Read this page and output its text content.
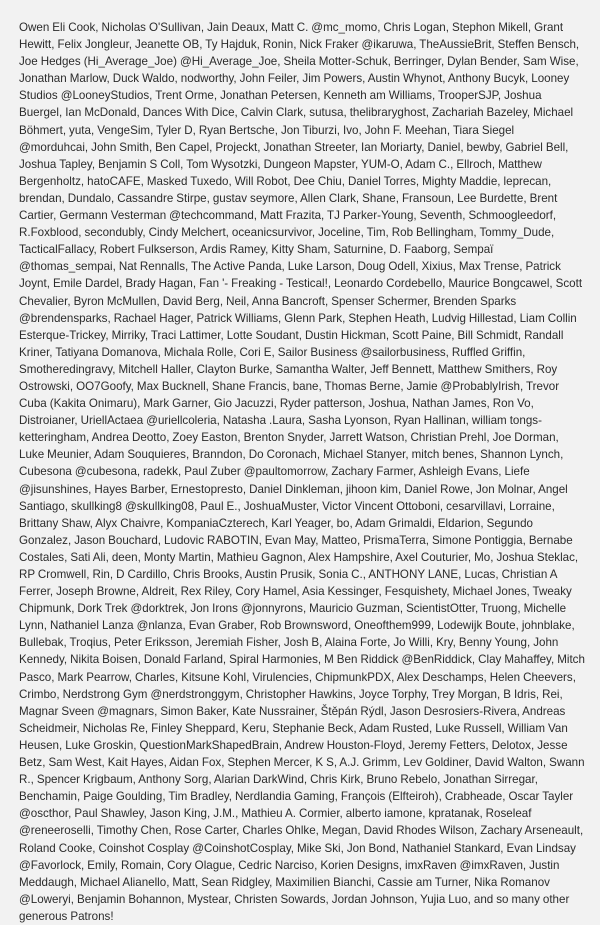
Owen Eli Cook, Nicholas O'Sullivan, Jain Deaux, Matt C. @mc_momo, Chris Logan, Stephon Mikell, Grant Hewitt, Felix Jongleur, Jeanette OB, Ty Hajduk, Ronin, Nick Fraker @ikaruwa, TheAussieBrit, Steffen Bensch, Joe Hedges (Hi_Average_Joe) @Hi_Average_Joe, Sheila Motter-Schuk, Berringer, Dylan Bender, Sam Wise, Jonathan Marlow, Duck Waldo, nodworthy, John Feiler, Jim Powers, Austin Whynot, Anthony Bucyk, Looney Studios @LooneyStudios, Trent Orme, Jonathan Petersen, Kenneth am Williams, TrooperSJP, Joshua Buergel, Ian McDonald, Dances With Dice, Calvin Clark, sutusa, thelibraryghost, Zachariah Bazeley, Michael Böhmert, yuta, VengeSim, Tyler D, Ryan Bertsche, Jon Tiburzi, Ivo, John F. Meehan, Tiara Siegel @morduhcai, John Smith, Ben Capel, Projeckt, Jonathan Streeter, Ian Moriarty, Daniel, bewby, Gabriel Bell, Joshua Tapley, Benjamin S Coll, Tom Wysotzki, Dungeon Mapster, YUM-O, Adam C., Ellroch, Matthew Bergenholtz, hatoCAFE, Masked Tuxedo, Will Robot, Dee Chiu, Daniel Torres, Mighty Maddie, leprecan, brendan, Dundalo, Cassandre Stirpe, gustav seymore, Allen Clark, Shane, Fransoun, Lee Burdette, Brent Cartier, Germann Vesterman @techcommand, Matt Frazita, TJ Parker-Young, Seventh, Schmoogleedorf, R.Foxblood, secondubly, Cindy Melchert, oceanicsurvivor, Joceline, Tim, Rob Bellingham, Tommy_Dude, TacticalFallacy, Robert Fulkserson, Ardis Ramey, Kitty Sham, Saturnine, D. Faaborg, Sempaï @thomas_sempai, Nat Rennalls, The Active Panda, Luke Larson, Doug Odell, Xixius, Max Trense, Patrick Joynt, Emile Dardel, Brady Hagan, Fan '- Freaking - Testical!, Leonardo Cordebello, Maurice Bongcawel, Scott Chevalier, Byron McMullen, David Berg, Neil, Anna Bancroft, Spenser Schermer, Brenden Sparks @brendensparks, Rachael Hager, Patrick Williams, Glenn Park, Stephen Heath, Ludvig Hillestad, Liam Collin Esterque-Trickey, Mirriky, Traci Lattimer, Lotte Soudant, Dustin Hickman, Scott Paine, Bill Schmidt, Randall Kriner, Tatiyana Domanova, Michala Rolle, Cori E, Sailor Business @sailorbusiness, Ruffled Griffin, Smotheredingravy, Mitchell Haller, Clayton Burke, Samantha Walter, Jeff Bennett, Matthew Smithers, Roy Ostrowski, OO7Goofy, Max Bucknell, Shane Francis, bane, Thomas Berne, Jamie @ProbablyIrish, Trevor Cuba (Kakita Onimaru), Mark Garner, Gio Jacuzzi, Ryder patterson, Joshua, Nathan James, Ron Vo, Distroianer, UriellActaea @uriellcoleria, Natasha .Laura, Sasha Lyonson, Ryan Hallinan, william tongs-ketteringham, Andrea Deotto, Zoey Easton, Brenton Snyder, Jarrett Watson, Christian Prehl, Joe Dorman, Luke Meunier, Adam Souquieres, Branndon, Do Coronach, Michael Stanyer, mitch benes, Shannon Lynch, Cubesona @cubesona, radekk, Paul Zuber @paultomorrow, Zachary Farmer, Ashleigh Evans, Liefe @jisunshines, Hayes Barber, Ernestopresto, Daniel Dinkleman, jihoon kim, Daniel Rowe, Jon Molnar, Angel Santiago, skullking8 @skullking08, Paul E., JoshuaMuster, Victor Vincent Ottoboni, cesarvillavi, Lorraine, Brittany Shaw, Alyx Chaivre, KompaniaCzterech, Karl Yeager, bo, Adam Grimaldi, Eldarion, Segundo Gonzalez, Jason Bouchard, Ludovic RABOTIN, Evan May, Matteo, PrismaTerra, Simone Pontiggia, Bernabe Costales, Sati Ali, deen, Monty Martin, Mathieu Gagnon, Alex Hampshire, Axel Couturier, Mo, Joshua Steklac, RP Cromwell, Rin, D Cardillo, Chris Brooks, Austin Prusik, Sonia C., ANTHONY LANE, Lucas, Christian A Ferrer, Joseph Browne, Aldreit, Rex Riley, Cory Hamel, Asia Kessinger, Fesquishety, Michael Jones, Tweaky Chipmunk, Dork Trek @dorktrek, Jon Irons @jonnyrons, Mauricio Guzman, ScientistOtter, Truong, Michelle Lynn, Nathaniel Lanza @nlanza, Evan Graber, Rob Brownsword, Oneofthem999, Lodewijk Boute, johnblake, Bullebak, Troqius, Peter Eriksson, Jeremiah Fisher, Josh B, Alaina Forte, Jo Willi, Kry, Benny Young, John Kennedy, Nikita Boisen, Donald Farland, Spiral Harmonies, M Ben Riddick @BenRiddick, Clay Mahaffey, Mitch Pasco, Mark Pearrow, Charles, Kitsune Kohl, Virulencies, ChipmunkPDX, Alex Deschamps, Helen Cheevers, Crimbo, Nerdstrong Gym @nerdstronggym, Christopher Hawkins, Joyce Torphy, Trey Morgan, B Idris, Rei, Magnar Sveen @magnars, Simon Baker, Kate Nussrainer, Štěpán Rýdl, Jason Desrosiers-Rivera, Andreas Scheidmeir, Nicholas Re, Finley Sheppard, Keru, Stephanie Beck, Adam Rusted, Luke Russell, William Van Heusen, Luke Groskin, QuestionMarkShapedBrain, Andrew Houston-Floyd, Jeremy Fetters, Delotox, Jesse Betz, Sam West, Kait Hayes, Aidan Fox, Stephen Mercer, K S, A.J. Grimm, Lev Goldiner, David Walton, Swann R., Spencer Krigbaum, Anthony Sorg, Alarian DarkWind, Chris Kirk, Bruno Rebelo, Jonathan Sirregar, Benchamin, Paige Goulding, Tim Bradley, Nerdlandia Gaming, François (Elfteiroh), Crabheade, Oscar Tayler @oscthor, Paul Shawley, Jason King, J.M., Mathieu A. Cormier, alberto iamone, kpratanak, Roseleaf @reneeroselli, Timothy Chen, Rose Carter, Charles Ohlke, Megan, David Rhodes Wilson, Zachary Arseneault, Roland Cooke, Coinshot Cosplay @CoinshotCosplay, Mike Ski, Jon Bond, Nathaniel Stankard, Evan Lindsay @Favorlock, Emily, Romain, Cory Olague, Cedric Narciso, Korien Designs, imxRaven @imxRaven, Justin Meddaugh, Michael Alianello, Matt, Sean Ridgley, Maximilien Bianchi, Cassie am Turner, Nika Romanov @Loweryi, Benjamin Bohannon, Mystear, Christen Sowards, Jordan Johnson, Yujia Luo, and so many other generous Patrons!
